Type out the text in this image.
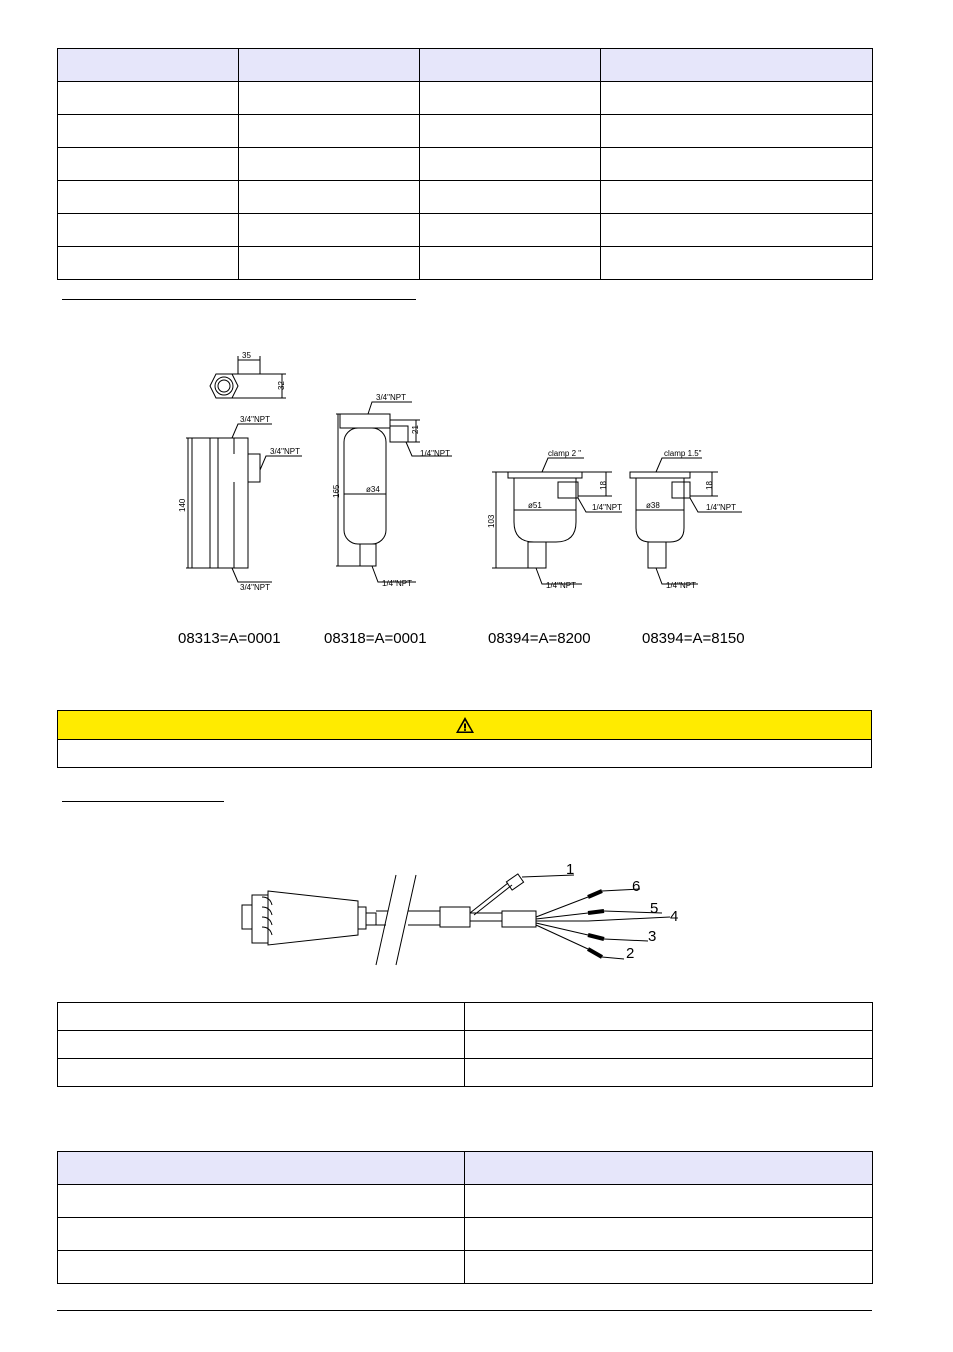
35
32
140
3/4"NPT
3/4"NPT
3/4"NPT
21
165	ø34
3/4"NPT
1/4"NPT
1/4"NPT
ø51
18
103
clamp 2 "
1/4"NPT
1/4"NPT
ø38
18
clamp 1.5"
1/4"NPT
1/4"NPT
08313=A=0001	08318=A=0001	08394=A=8200	08394=A=8150
1
2
3
4
5
6
